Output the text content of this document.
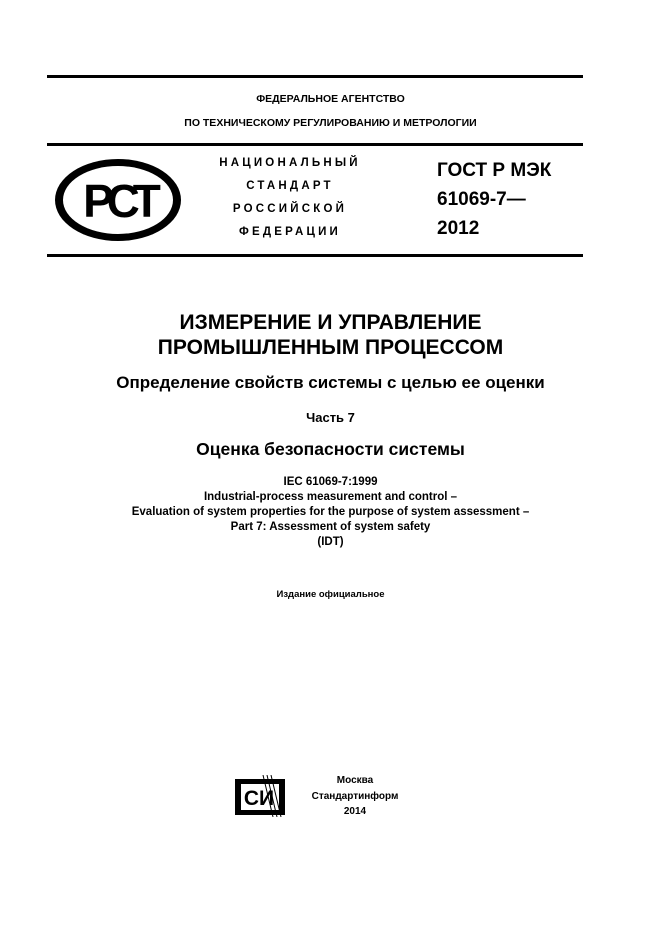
ФЕДЕРАЛЬНОЕ АГЕНТСТВО
ПО ТЕХНИЧЕСКОМУ РЕГУЛИРОВАНИЮ И МЕТРОЛОГИИ
РСТ
НАЦИОНАЛЬНЫЙ
СТАНДАРТ
РОССИЙСКОЙ
ФЕДЕРАЦИИ
ГОСТ Р МЭК
61069-7—
2012
ИЗМЕРЕНИЕ И УПРАВЛЕНИЕ
ПРОМЫШЛЕННЫМ ПРОЦЕССОМ
Определение свойств системы с целью ее оценки
Часть 7
Оценка безопасности системы
IEC 61069-7:1999
Industrial-process measurement and control –
Evaluation of system properties for the purpose of system assessment –
Part 7: Assessment of system safety
(IDT)
Издание официальное
СИ
Москва
Стандартинформ
2014
